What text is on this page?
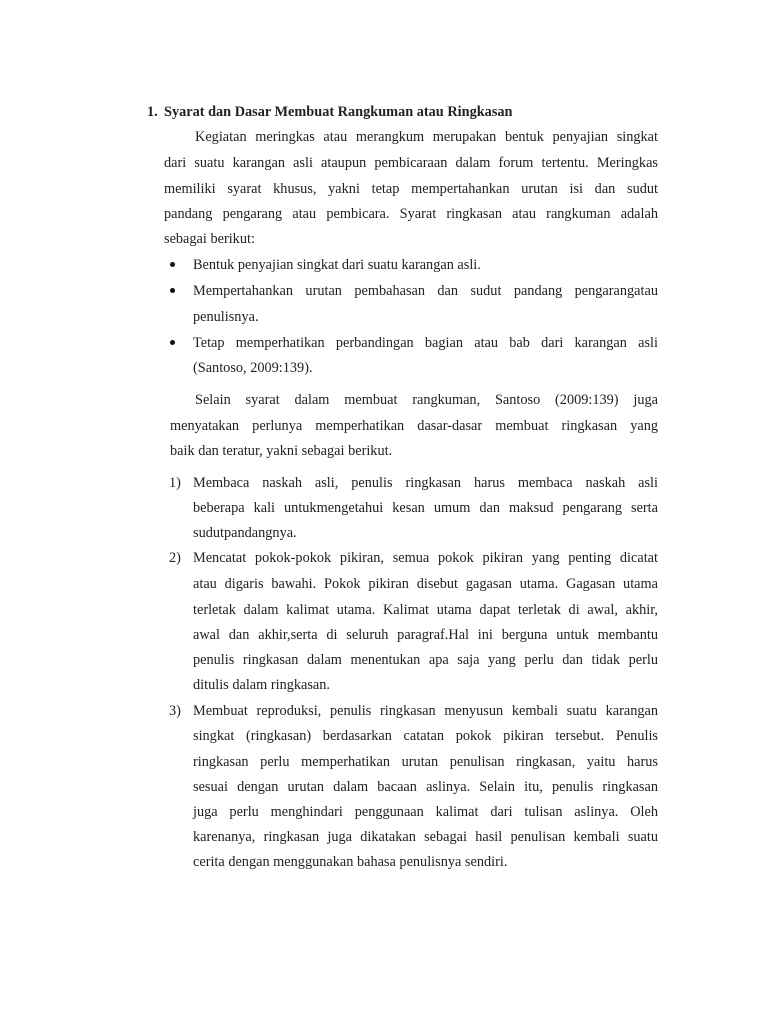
1. Syarat dan Dasar Membuat Rangkuman atau Ringkasan
Kegiatan meringkas atau merangkum merupakan bentuk penyajian singkat
dari suatu karangan asli ataupun pembicaraan dalam forum tertentu. Meringkas
memiliki syarat khusus, yakni tetap mempertahankan urutan isi dan sudut
pandang pengarang atau pembicara. Syarat ringkasan atau rangkuman adalah
sebagai berikut:
Bentuk penyajian singkat dari suatu karangan asli.
Mempertahankan urutan pembahasan dan sudut pandang pengarangatau
penulisnya.
Tetap memperhatikan perbandingan bagian atau bab dari karangan asli
(Santoso, 2009:139).
Selain syarat dalam membuat rangkuman, Santoso (2009:139) juga
menyatakan perlunya memperhatikan dasar-dasar membuat ringkasan yang
baik dan teratur, yakni sebagai berikut.
1) Membaca naskah asli, penulis ringkasan harus membaca naskah asli
beberapa kali untukmengetahui kesan umum dan maksud pengarang serta
sudutpandangnya.
2) Mencatat pokok-pokok pikiran, semua pokok pikiran yang penting dicatat
atau digaris bawahi. Pokok pikiran disebut gagasan utama. Gagasan utama
terletak dalam kalimat utama. Kalimat utama dapat terletak di awal, akhir,
awal dan akhir,serta di seluruh paragraf.Hal ini berguna untuk membantu
penulis ringkasan dalam menentukan apa saja yang perlu dan tidak perlu
ditulis dalam ringkasan.
3) Membuat reproduksi, penulis ringkasan menyusun kembali suatu karangan
singkat (ringkasan) berdasarkan catatan pokok pikiran tersebut. Penulis
ringkasan perlu memperhatikan urutan penulisan ringkasan, yaitu harus
sesuai dengan urutan dalam bacaan aslinya. Selain itu, penulis ringkasan
juga perlu menghindari penggunaan kalimat dari tulisan aslinya. Oleh
karenanya, ringkasan juga dikatakan sebagai hasil penulisan kembali suatu
cerita dengan menggunakan bahasa penulisnya sendiri.
